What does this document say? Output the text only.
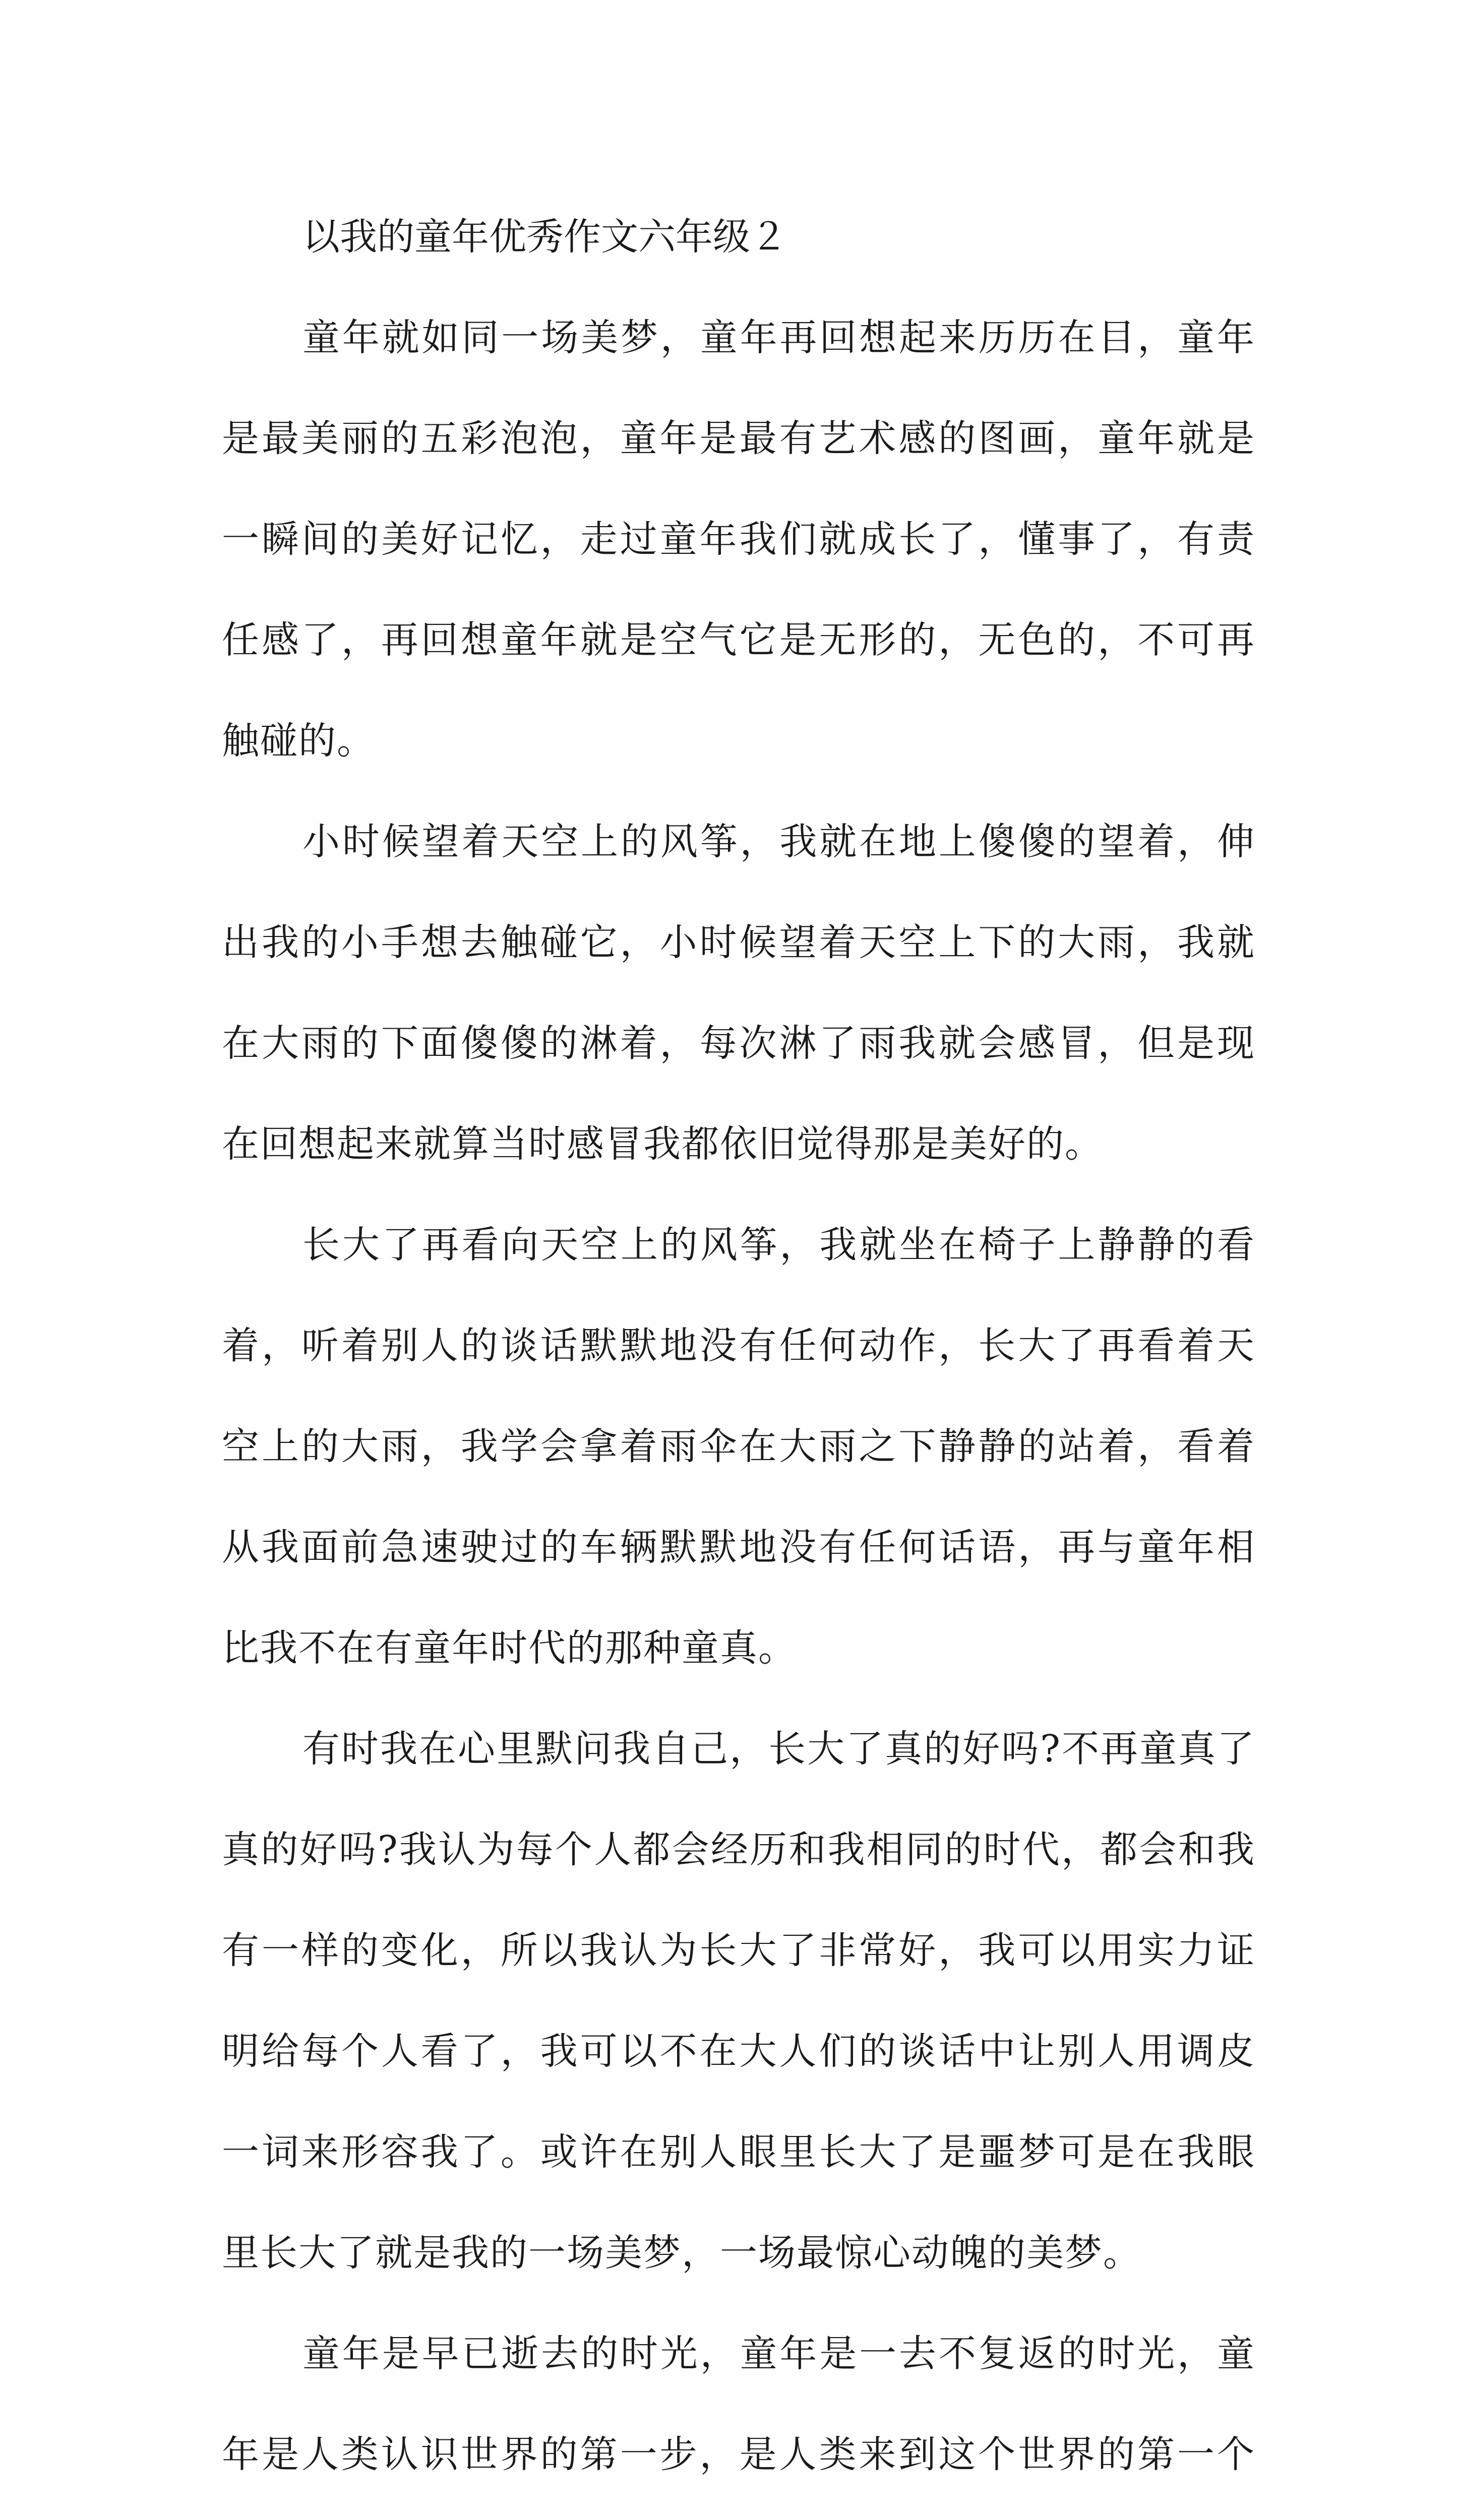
以我的童年优秀作文六年级２

童年就如同一场美梦，童年再回想起来历历在目，童年是最美丽的五彩泡泡，童年是最有艺术感的图画，童年就是一瞬间的美好记忆，走过童年我们就成长了，懂事了，有责任感了，再回想童年就是空气它是无形的，无色的，不可再触碰的。

小时候望着天空上的风筝，我就在地上傻傻的望着，伸出我的小手想去触碰它，小时候望着天空上下的大雨，我就在大雨的下面傻傻的淋着，每次淋了雨我就会感冒，但是现在回想起来就算当时感冒我都依旧觉得那是美好的。

长大了再看向天空上的风筝，我就坐在椅子上静静的看着，听着别人的谈话默默地没有任何动作，长大了再看着天空上的大雨，我学会拿着雨伞在大雨之下静静的站着，看着从我面前急速驶过的车辆默默地没有任何话语，再与童年相比我不在有童年时代的那种童真。

有时我在心里默问我自己，长大了真的好吗?不再童真了真的好吗?我认为每个人都会经历和我相同的时代，都会和我有一样的变化，所以我认为长大了非常好，我可以用实力证明给每个人看了，我可以不在大人们的谈话中让别人用调皮一词来形容我了。或许在别人眼里长大了是噩梦可是在我眼里长大了就是我的一场美梦，一场最惊心动魄的美梦。

童年是早已逝去的时光，童年是一去不复返的时光，童年是人类认识世界的第一步，是人类来到这个世界的第一个
